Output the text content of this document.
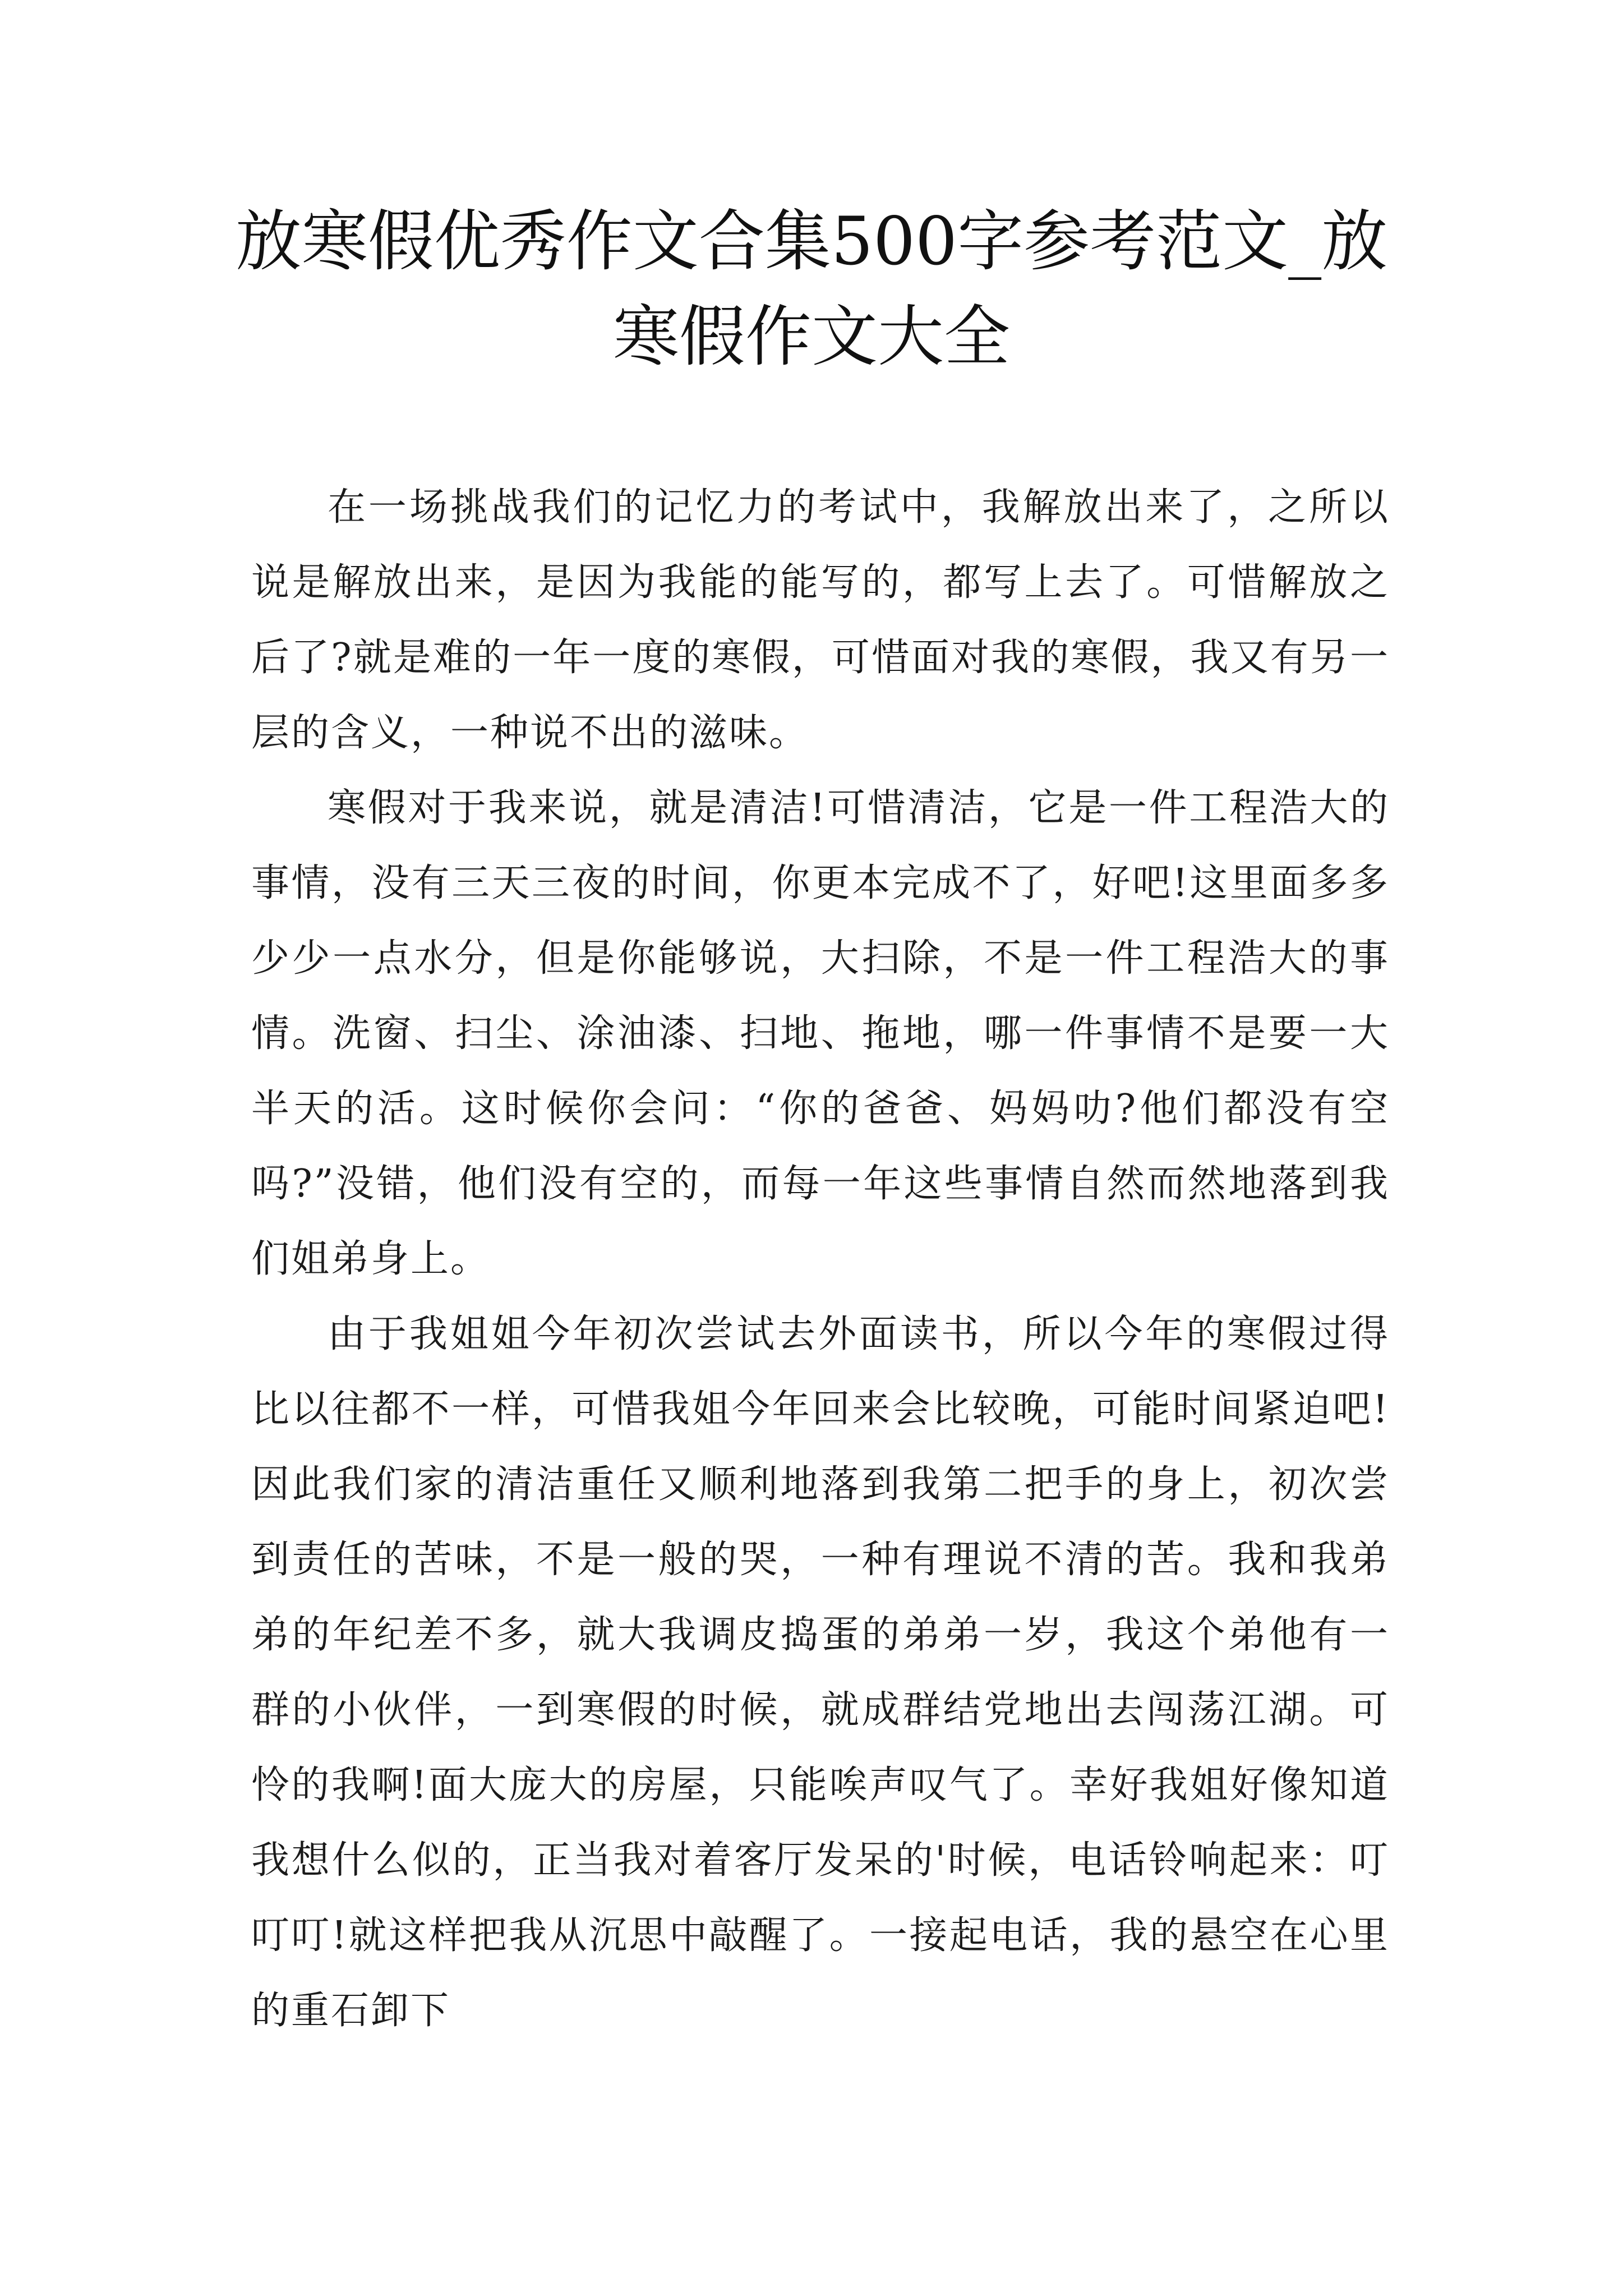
放寒假优秀作文合集500字参考范文_放寒假作文大全

在一场挑战我们的记忆力的考试中，我解放出来了，之所以说是解放出来，是因为我能的能写的，都写上去了。可惜解放之后了?就是难的一年一度的寒假，可惜面对我的寒假，我又有另一层的含义，一种说不出的滋味。

寒假对于我来说，就是清洁!可惜清洁，它是一件工程浩大的事情，没有三天三夜的时间，你更本完成不了，好吧!这里面多多少少一点水分，但是你能够说，大扫除，不是一件工程浩大的事情。洗窗、扫尘、涂油漆、扫地、拖地，哪一件事情不是要一大半天的活。这时候你会问：“你的爸爸、妈妈叻?他们都没有空吗?”没错，他们没有空的，而每一年这些事情自然而然地落到我们姐弟身上。

由于我姐姐今年初次尝试去外面读书，所以今年的寒假过得比以往都不一样，可惜我姐今年回来会比较晚，可能时间紧迫吧!因此我们家的清洁重任又顺利地落到我第二把手的身上，初次尝到责任的苦味，不是一般的哭，一种有理说不清的苦。我和我弟弟的年纪差不多，就大我调皮捣蛋的弟弟一岁，我这个弟他有一群的小伙伴，一到寒假的时候，就成群结党地出去闯荡江湖。可怜的我啊!面大庞大的房屋，只能唉声叹气了。幸好我姐好像知道我想什么似的，正当我对着客厅发呆的'时候，电话铃响起来：叮叮叮!就这样把我从沉思中敲醒了。一接起电话，我的悬空在心里的重石卸下
